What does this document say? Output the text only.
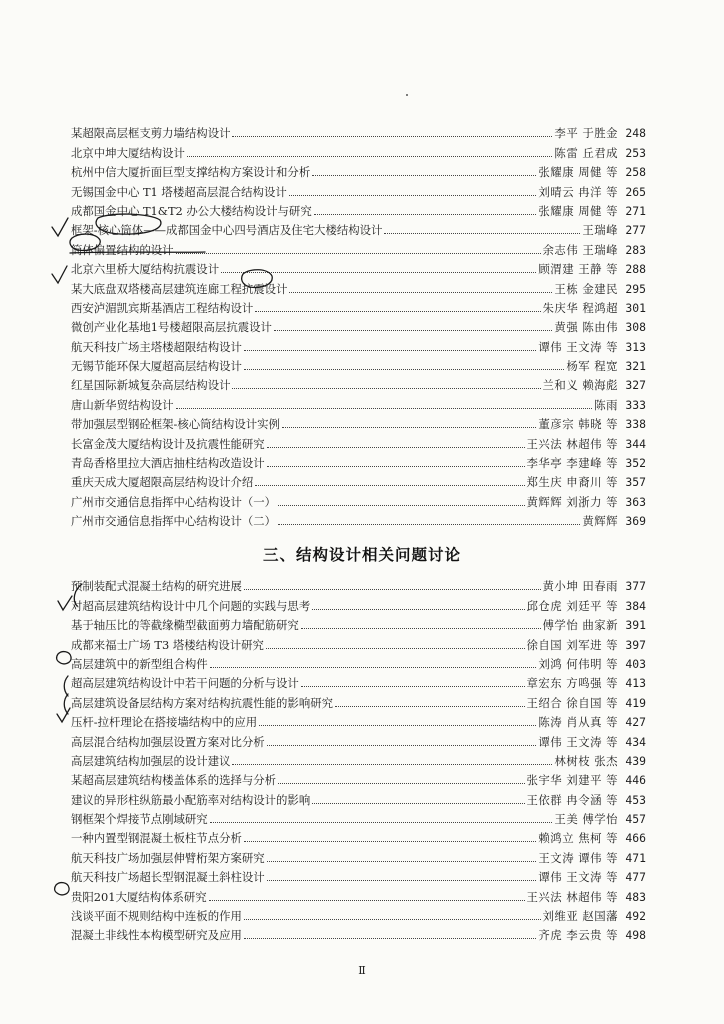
某超限高层框支剪力墙结构设计	李平 于胜金 248
北京中坤大厦结构设计	陈雷 丘君成 253
杭州中信大厦折面巨型支撑结构方案设计和分析	张耀康 周健 等 258
无锡国金中心 T1 塔楼超高层混合结构设计	刘晴云 冉洋 等 265
成都国金中心 T1&T2 办公大楼结构设计与研究	张耀康 周健 等 271
框架-核心筒体——成都国金中心四号酒店及住宅大楼结构设计	王瑞峰 277
筒体偏置结构的设计	余志伟 王瑞峰 283
北京六里桥大厦结构抗震设计	顾渭建 王静 等 288
某大底盘双塔楼高层建筑连廊工程抗震设计	王栋 金建民 295
西安泸湄凯宾斯基酒店工程结构设计	朱庆华 程鸿超 301
微创产业化基地1号楼超限高层抗震设计	黄强 陈由伟 308
航天科技广场主塔楼超限结构设计	谭伟 王文涛 等 313
无锡节能环保大厦超高层结构设计	杨军 程宽 321
红星国际新城复杂高层结构设计	兰和义 赖海彪 327
唐山新华贸结构设计	陈雨 333
带加强层型钢砼框架-核心筒结构设计实例	董彦宗 韩晓 等 338
长富金茂大厦结构设计及抗震性能研究	王兴法 林超伟 等 344
青岛香格里拉大酒店抽柱结构改造设计	李华亭 李建峰 等 352
重庆天成大厦超限高层结构设计介绍	郑生庆 申裔川 等 357
广州市交通信息指挥中心结构设计（一）	黄辉辉 刘浙力 等 363
广州市交通信息指挥中心结构设计（二）	黄辉辉 369
三、结构设计相关问题讨论
预制装配式混凝土结构的研究进展	黄小坤 田春雨 377
对超高层建筑结构设计中几个问题的实践与思考	邱仓虎 刘廷平 等 384
基于轴压比的等截缘椭型截面剪力墙配筋研究	傅学怡 曲家新 391
成都来福士广场 T3 塔楼结构设计研究	徐自国 刘军进 等 397
高层建筑中的新型组合构件	刘鸿 何伟明 等 403
超高层建筑结构设计中若干问题的分析与设计	章宏东 方鸣强 等 413
高层建筑设备层结构方案对结构抗震性能的影响研究	王绍合 徐自国 等 419
压杆-拉杆理论在搭接墙结构中的应用	陈涛 肖从真 等 427
高层混合结构加强层设置方案对比分析	谭伟 王文涛 等 434
高层建筑结构加强层的设计建议	林树枝 张杰 439
某超高层建筑结构楼盖体系的选择与分析	张宇华 刘建平 等 446
建议的异形柱纵筋最小配筋率对结构设计的影响	王依群 冉令涵 等 453
钢框架个焊接节点刚域研究	王美 傅学怡 457
一种内置型钢混凝土板柱节点分析	赖鸿立 焦柯 等 466
航天科技广场加强层伸臂桁架方案研究	王文涛 谭伟 等 471
航天科技广场超长型钢混凝土斜柱设计	谭伟 王文涛 等 477
贵阳201大厦结构体系研究	王兴法 林超伟 等 483
浅谈平面不规则结构中连板的作用	刘维亚 赵国藩 492
混凝土非线性本构模型研究及应用	齐虎 李云贵 等 498
Ⅱ
